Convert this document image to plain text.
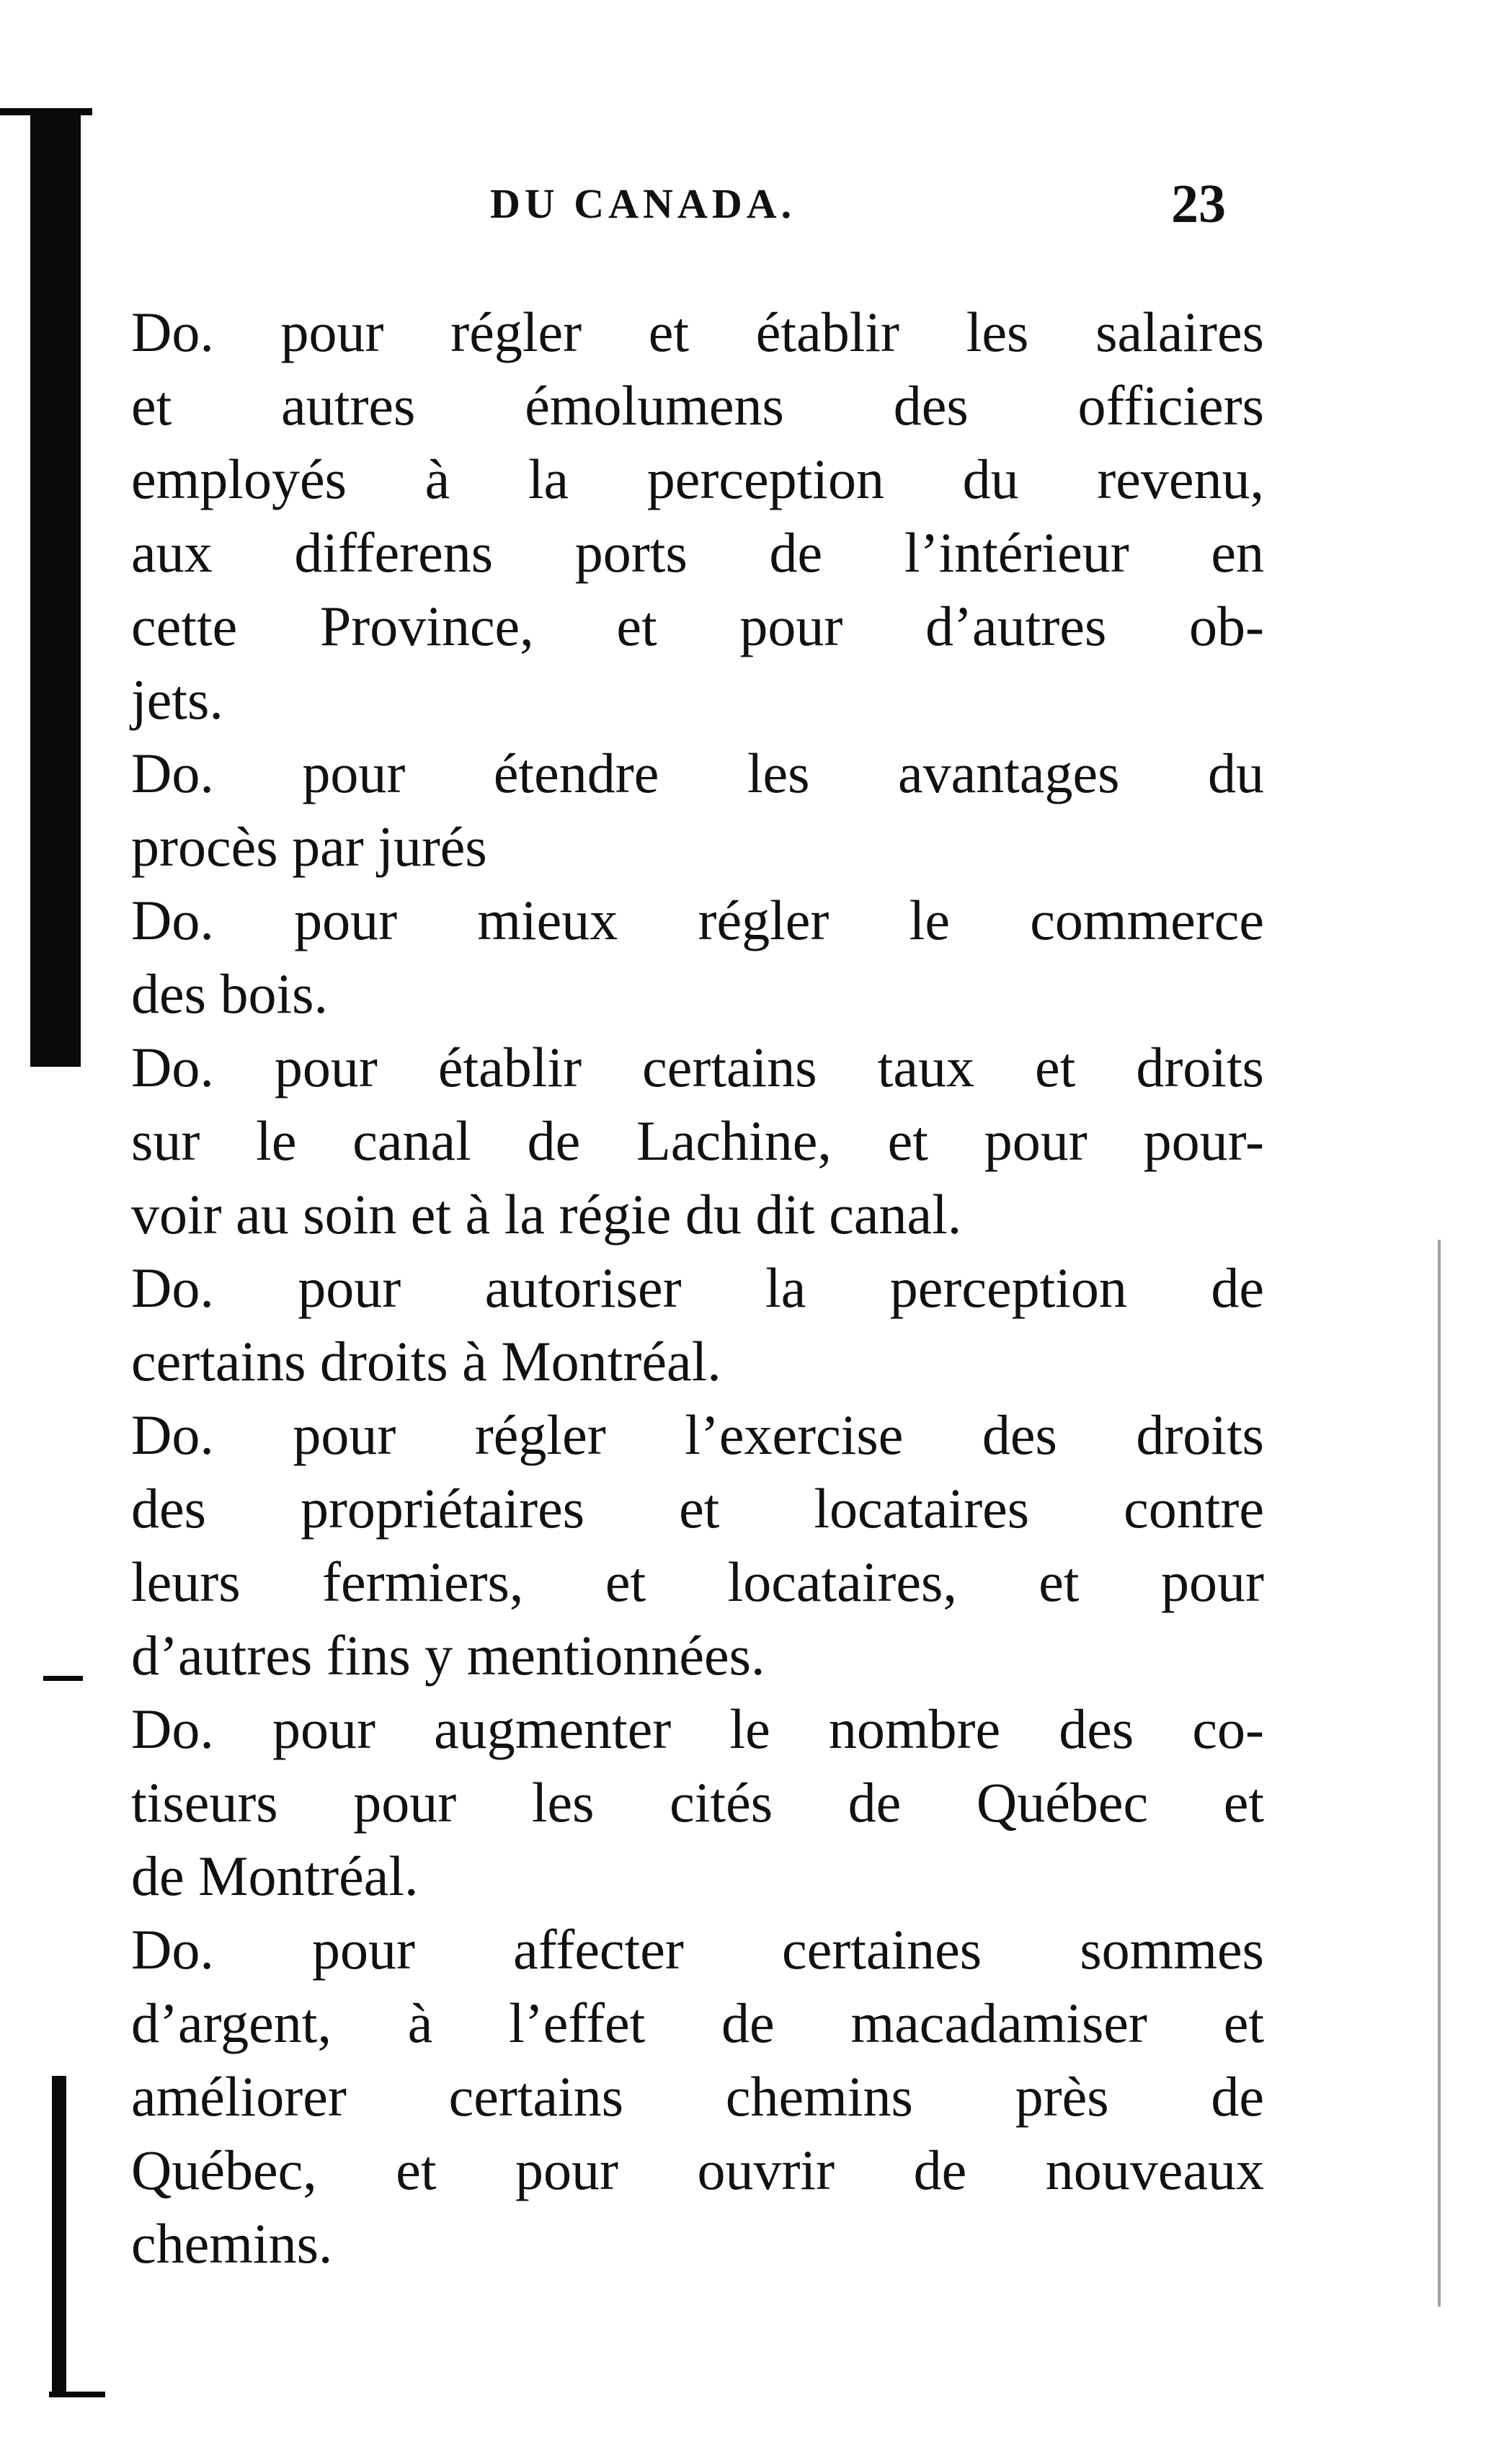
DU CANADA.	23
Do. pour régler et établir les salaires
et autres émolumens des officiers
employés à la perception du revenu,
aux differens ports de l’intérieur en
cette Province, et pour d’autres ob-
jets.
Do. pour étendre les avantages du
procès par jurés
Do. pour mieux régler le commerce
des bois.
Do. pour établir certains taux et droits
sur le canal de Lachine, et pour pour-
voir au soin et à la régie du dit canal.
Do. pour autoriser la perception de
certains droits à Montréal.
Do. pour régler l’exercise des droits
des propriétaires et locataires contre
leurs fermiers, et locataires, et pour
d’autres fins y mentionnées.
Do. pour augmenter le nombre des co-
tiseurs pour les cités de Québec et
de Montréal.
Do. pour affecter certaines sommes
d’argent, à l’effet de macadamiser et
améliorer certains chemins près de
Québec, et pour ouvrir de nouveaux
chemins.
